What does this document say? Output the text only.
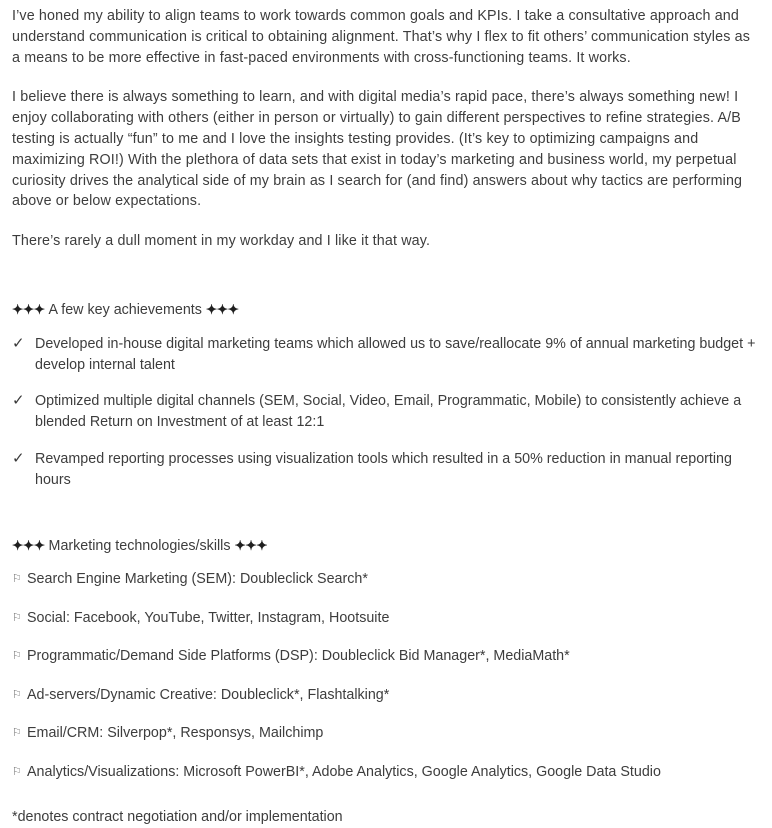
I’ve honed my ability to align teams to work towards common goals and KPIs. I take a consultative approach and understand communication is critical to obtaining alignment. That’s why I flex to fit others’ communication styles as a means to be more effective in fast-paced environments with cross-functioning teams. It works.

I believe there is always something to learn, and with digital media’s rapid pace, there’s always something new! I enjoy collaborating with others (either in person or virtually) to gain different perspectives to refine strategies. A/B testing is actually “fun” to me and I love the insights testing provides. (It’s key to optimizing campaigns and maximizing ROI!) With the plethora of data sets that exist in today’s marketing and business world, my perpetual curiosity drives the analytical side of my brain as I search for (and find) answers about why tactics are performing above or below expectations.

There’s rarely a dull moment in my workday and I like it that way.

✦✦✦ A few key achievements ✦✦✦
✓ Developed in-house digital marketing teams which allowed us to save/reallocate 9% of annual marketing budget + develop internal talent
✓ Optimized multiple digital channels (SEM, Social, Video, Email, Programmatic, Mobile) to consistently achieve a blended Return on Investment of at least 12:1
✓ Revamped reporting processes using visualization tools which resulted in a 50% reduction in manual reporting hours
✦✦✦ Marketing technologies/skills ✦✦✦
⚐ Search Engine Marketing (SEM): Doubleclick Search*
⚐ Social: Facebook, YouTube, Twitter, Instagram, Hootsuite
⚐ Programmatic/Demand Side Platforms (DSP): Doubleclick Bid Manager*, MediaMath*
⚐ Ad-servers/Dynamic Creative: Doubleclick*, Flashtalking*
⚐ Email/CRM: Silverpop*, Responsys, Mailchimp
⚐ Analytics/Visualizations: Microsoft PowerBI*, Adobe Analytics, Google Analytics, Google Data Studio
*denotes contract negotiation and/or implementation
